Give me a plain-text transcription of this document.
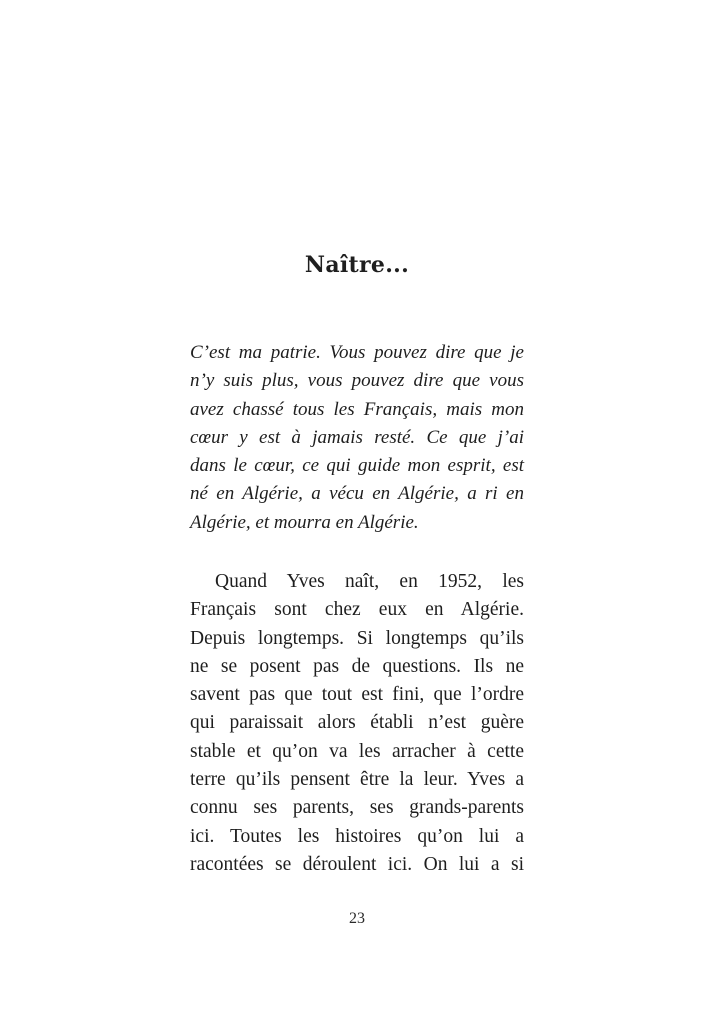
Naître...
C’est ma patrie. Vous pouvez dire que je
n’y suis plus, vous pouvez dire que vous
avez chassé tous les Français, mais mon
cœur y est à jamais resté. Ce que j’ai
dans le cœur, ce qui guide mon esprit, est
né en Algérie, a vécu en Algérie, a ri en
Algérie, et mourra en Algérie.
Quand Yves naît, en 1952, les
Français sont chez eux en Algérie.
Depuis longtemps. Si longtemps qu’ils
ne se posent pas de questions. Ils ne
savent pas que tout est fini, que l’ordre
qui paraissait alors établi n’est guère
stable et qu’on va les arracher à cette
terre qu’ils pensent être la leur. Yves a
connu ses parents, ses grands-parents
ici. Toutes les histoires qu’on lui a
racontées se déroulent ici. On lui a si
23
